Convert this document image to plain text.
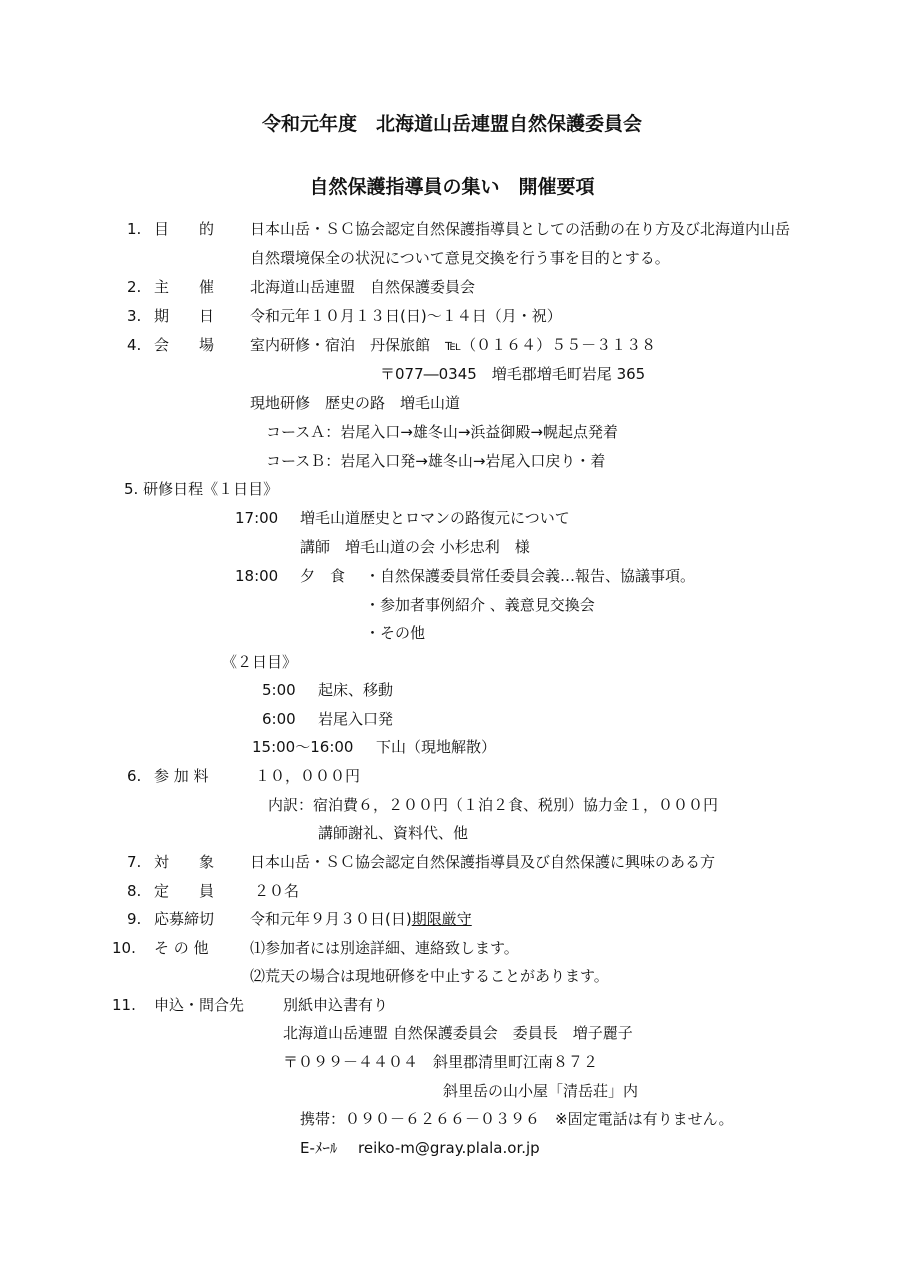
令和元年度　北海道山岳連盟自然保護委員会
自然保護指導員の集い　開催要項
1. 目　　的 日本山岳・ＳＣ協会認定自然保護指導員としての活動の在り方及び北海道内山岳
自然環境保全の状況について意見交換を行う事を目的とする。
2. 主　　催 北海道山岳連盟　自然保護委員会
3. 期　　日 令和元年１０月１３日(日)～１４日（月・祝）
4. 会　　場 室内研修・宿泊　丹保旅館　℡（０１６４）５５－３１３８
〒077―0345　増毛郡増毛町岩尾 365
現地研修　歴史の路　増毛山道
コースＡ：岩尾入口→雄冬山→浜益御殿→幌起点発着
コースＢ：岩尾入口発→雄冬山→岩尾入口戻り・着
5. 研修日程《１日目》
17:00 増毛山道歴史とロマンの路復元について
講師　増毛山道の会 小杉忠利　様
18:00 夕　食 ・自然保護委員常任委員会義…報告、協議事項。
・参加者事例紹介 、義意見交換会
・その他
《２日目》
5:00 起床、移動
6:00 岩尾入口発
15:00～16:00 下山（現地解散）
6. 参 加 料	１０，０００円
内訳：宿泊費６，２００円（１泊２食、税別）協力金１，０００円
講師謝礼、資料代、他
7. 対　　象 日本山岳・ＳＣ協会認定自然保護指導員及び自然保護に興味のある方
8. 定　　員	２０名
9. 応募締切 令和元年９月３０日(日)期限厳守
10. そ の 他	⑴参加者には別途詳細、連絡致します。
⑵荒天の場合は現地研修を中止することがあります。
11. 申込・問合先	別紙申込書有り
北海道山岳連盟 自然保護委員会　委員長　増子麗子
〒０９９－４４０４　斜里郡清里町江南８７２
斜里岳の山小屋「清岳荘」内
携帯：０９０－６２６６－０３９６　※固定電話は有りません。
E-ﾒｰﾙ reiko-m@gray.plala.or.jp
